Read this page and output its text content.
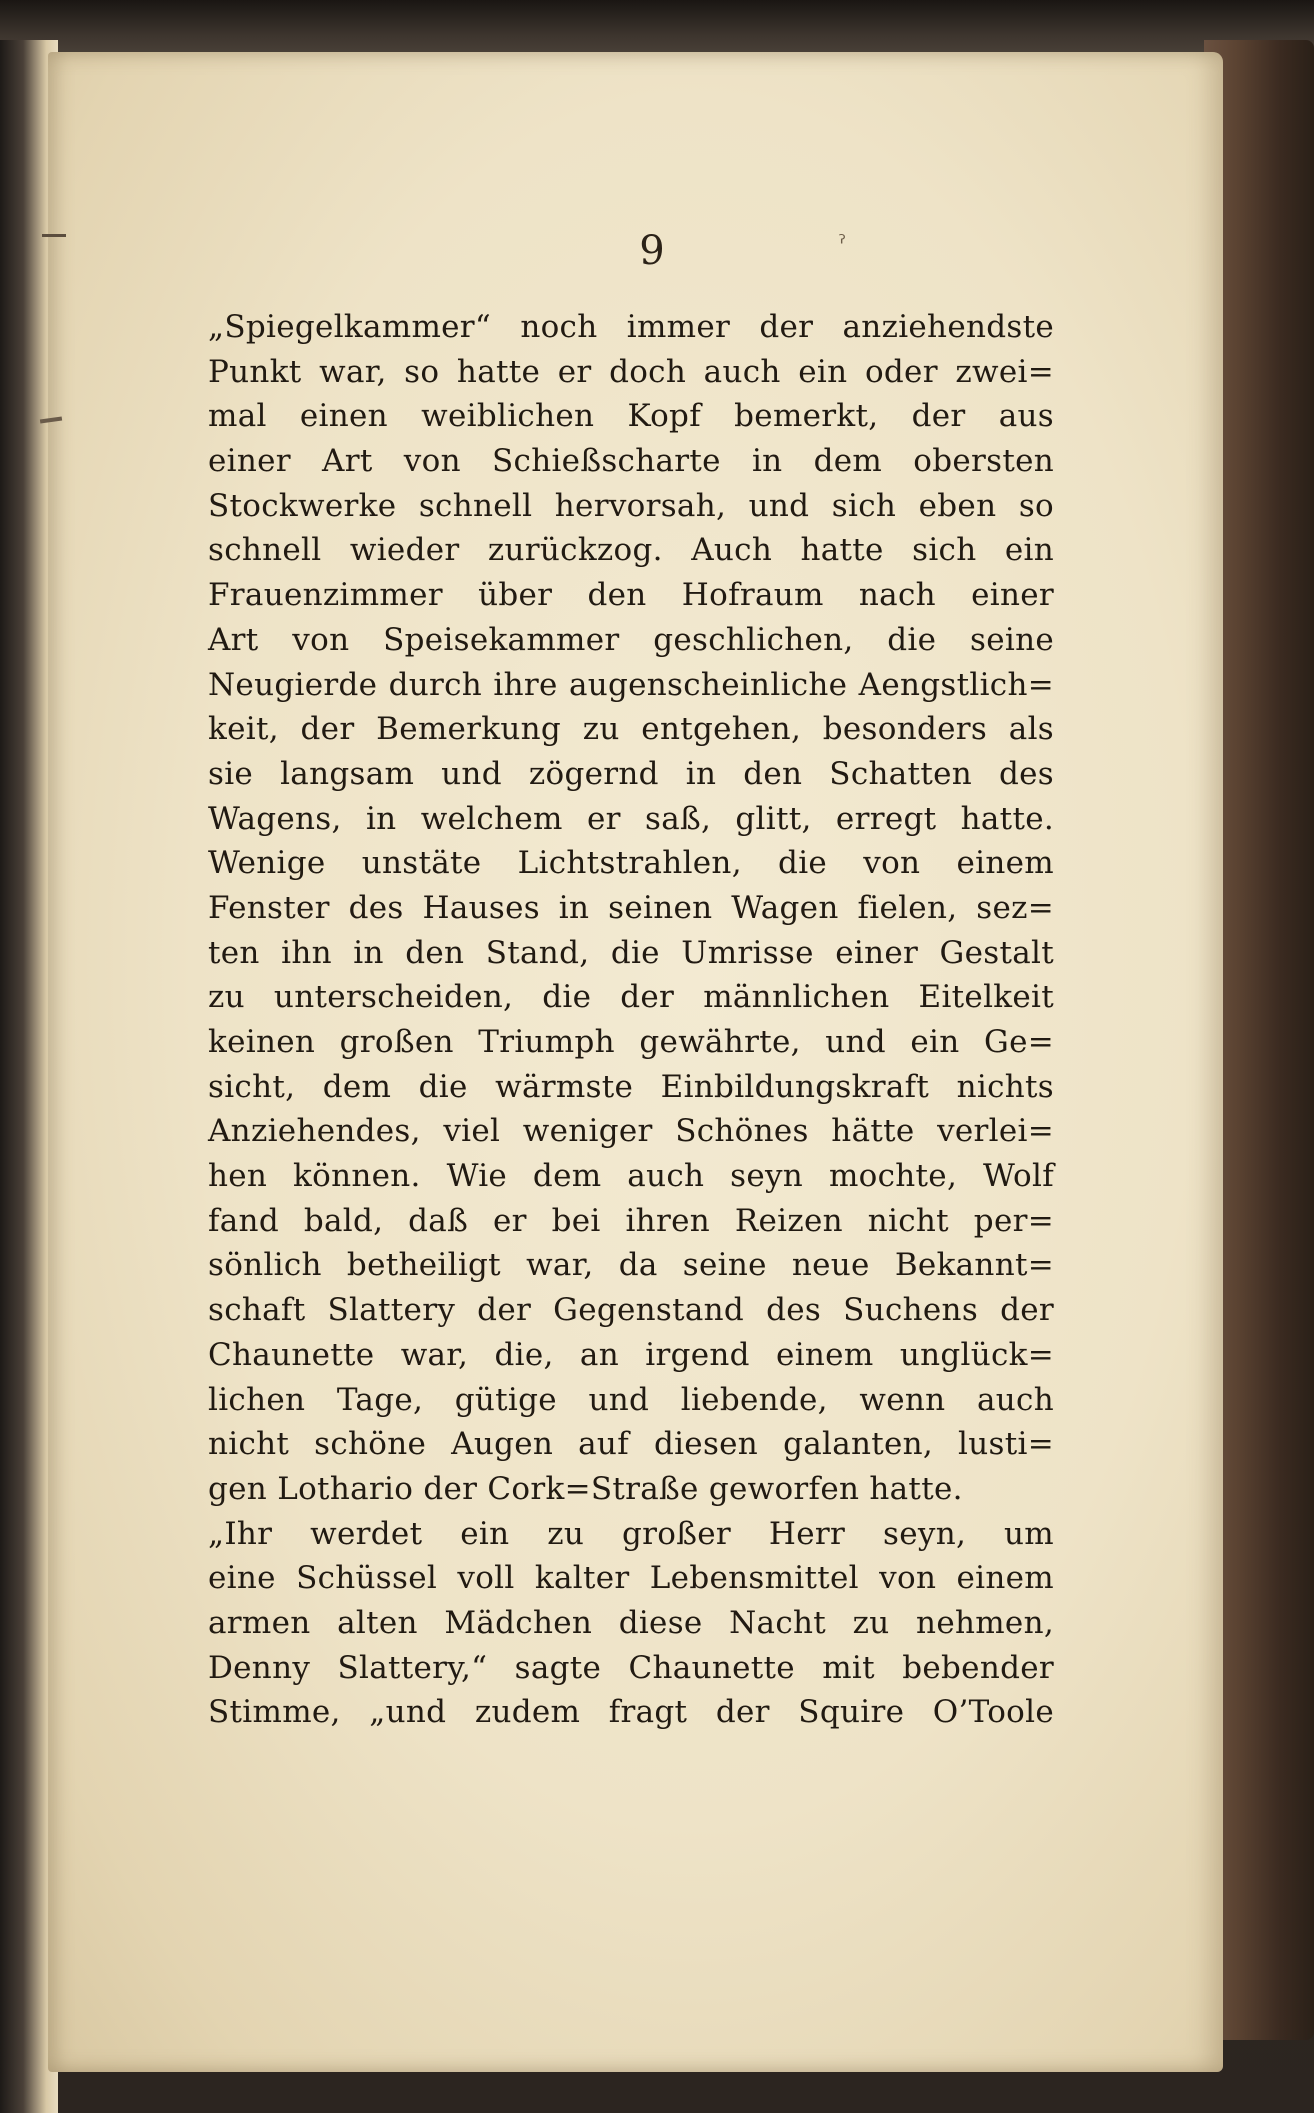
9	ˀ
„Spiegelkammer“ noch immer der anziehendste
Punkt war, so hatte er doch auch ein oder zwei=
mal einen weiblichen Kopf bemerkt, der aus
einer Art von Schießscharte in dem obersten
Stockwerke schnell hervorsah, und sich eben so
schnell wieder zurückzog. Auch hatte sich ein
Frauenzimmer über den Hofraum nach einer
Art von Speisekammer geschlichen, die seine
Neugierde durch ihre augenscheinliche Aengstlich=
keit, der Bemerkung zu entgehen, besonders als
sie langsam und zögernd in den Schatten des
Wagens, in welchem er saß, glitt, erregt hatte.
Wenige unstäte Lichtstrahlen, die von einem
Fenster des Hauses in seinen Wagen fielen, sez=
ten ihn in den Stand, die Umrisse einer Gestalt
zu unterscheiden, die der männlichen Eitelkeit
keinen großen Triumph gewährte, und ein Ge=
sicht, dem die wärmste Einbildungskraft nichts
Anziehendes, viel weniger Schönes hätte verlei=
hen können. Wie dem auch seyn mochte, Wolf
fand bald, daß er bei ihren Reizen nicht per=
sönlich betheiligt war, da seine neue Bekannt=
schaft Slattery der Gegenstand des Suchens der
Chaunette war, die, an irgend einem unglück=
lichen Tage, gütige und liebende, wenn auch
nicht schöne Augen auf diesen galanten, lusti=
gen Lothario der Cork=Straße geworfen hatte.
„Ihr werdet ein zu großer Herr seyn, um
eine Schüssel voll kalter Lebensmittel von einem
armen alten Mädchen diese Nacht zu nehmen,
Denny Slattery,“ sagte Chaunette mit bebender
Stimme, „und zudem fragt der Squire O’Toole
